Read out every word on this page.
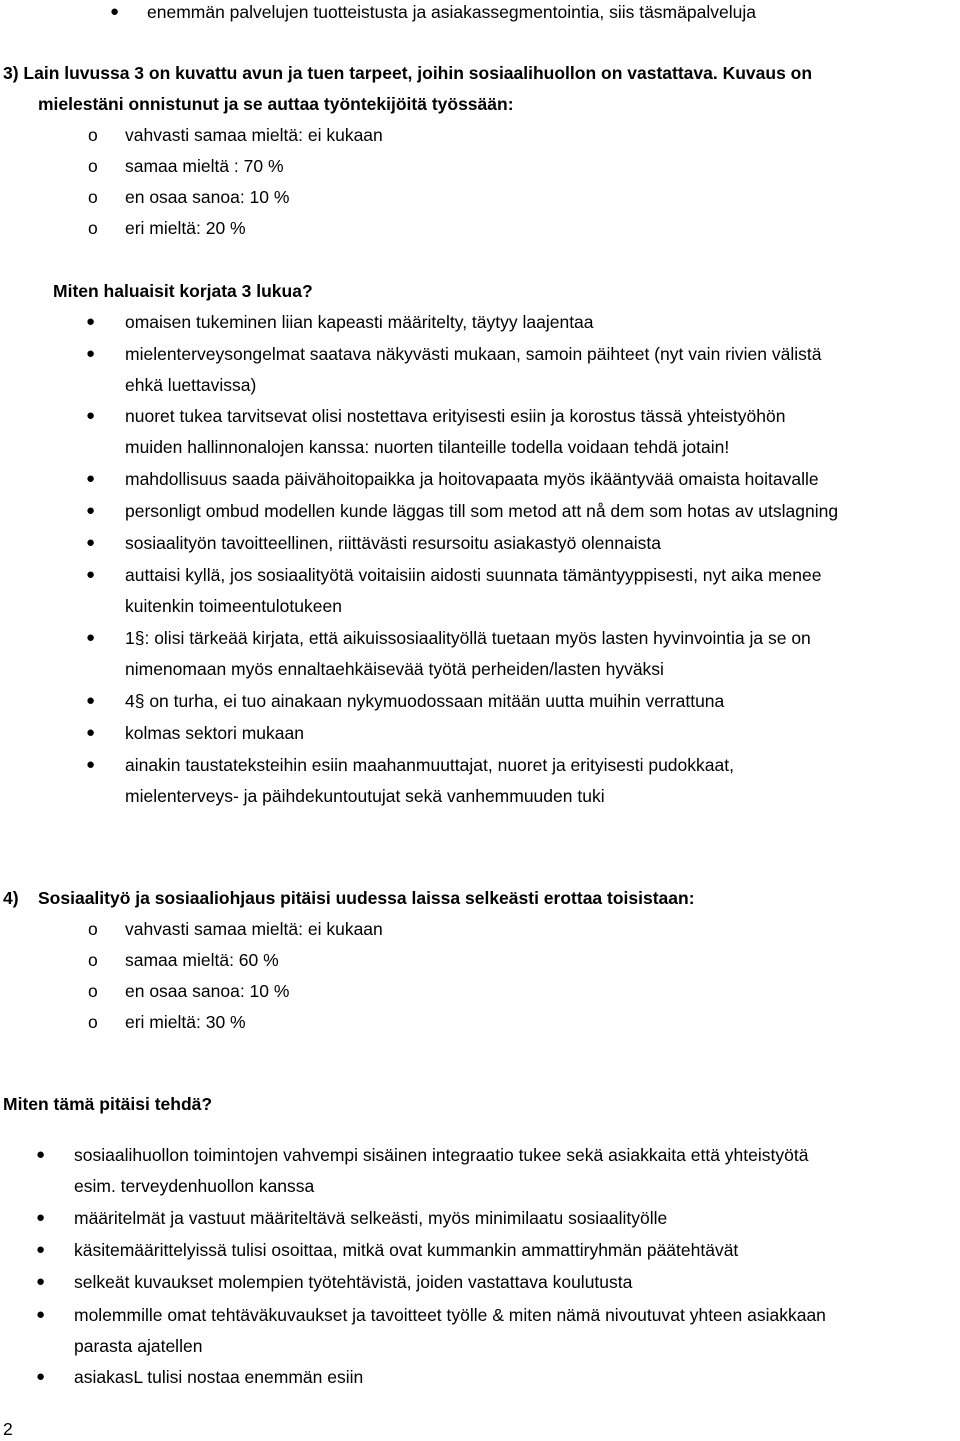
● enemmän palvelujen tuotteistusta ja asiakassegmentointia, siis täsmäpalveluja
3) Lain luvussa 3 on kuvattu avun ja tuen tarpeet, joihin sosiaalihuollon on vastattava. Kuvaus on
mielestäni onnistunut ja se auttaa työntekijöitä työssään:
o vahvasti samaa mieltä: ei kukaan
o samaa mieltä : 70 %
o en osaa sanoa: 10 %
o eri mieltä: 20 %
Miten haluaisit korjata 3 lukua?
● omaisen tukeminen liian kapeasti määritelty, täytyy laajentaa
● mielenterveysongelmat saatava näkyvästi mukaan, samoin päihteet (nyt vain rivien välistä
ehkä luettavissa)
● nuoret tukea tarvitsevat olisi nostettava erityisesti esiin ja korostus tässä yhteistyöhön
muiden hallinnonalojen kanssa: nuorten tilanteille todella voidaan tehdä jotain!
● mahdollisuus saada päivähoitopaikka ja hoitovapaata myös ikääntyvää omaista hoitavalle
● personligt ombud modellen kunde läggas till som metod att nå dem som hotas av utslagning
● sosiaalityön tavoitteellinen, riittävästi resursoitu asiakastyö olennaista
● auttaisi kyllä, jos sosiaalityötä voitaisiin aidosti suunnata tämäntyyppisesti, nyt aika menee
kuitenkin toimeentulotukeen
● 1§: olisi tärkeää kirjata, että aikuissosiaalityöllä tuetaan myös lasten hyvinvointia ja se on
nimenomaan myös ennaltaehkäisevää työtä perheiden/lasten hyväksi
● 4§ on turha, ei tuo ainakaan nykymuodossaan mitään uutta muihin verrattuna
● kolmas sektori mukaan
● ainakin taustateksteihin esiin maahanmuuttajat, nuoret ja erityisesti pudokkaat,
mielenterveys- ja päihdekuntoutujat sekä vanhemmuuden tuki
4) Sosiaalityö ja sosiaaliohjaus pitäisi uudessa laissa selkeästi erottaa toisistaan:
o vahvasti samaa mieltä: ei kukaan
o samaa mieltä: 60 %
o en osaa sanoa: 10 %
o eri mieltä: 30 %
Miten tämä pitäisi tehdä?
● sosiaalihuollon toimintojen vahvempi sisäinen integraatio tukee sekä asiakkaita että yhteistyötä
esim. terveydenhuollon kanssa
● määritelmät ja vastuut määriteltävä selkeästi, myös minimilaatu sosiaalityölle
● käsitemäärittelyissä tulisi osoittaa, mitkä ovat kummankin ammattiryhmän päätehtävät
● selkeät kuvaukset molempien työtehtävistä, joiden vastattava koulutusta
● molemmille omat tehtäväkuvaukset ja tavoitteet työlle & miten nämä nivoutuvat yhteen asiakkaan
parasta ajatellen
● asiakasL tulisi nostaa enemmän esiin
2
